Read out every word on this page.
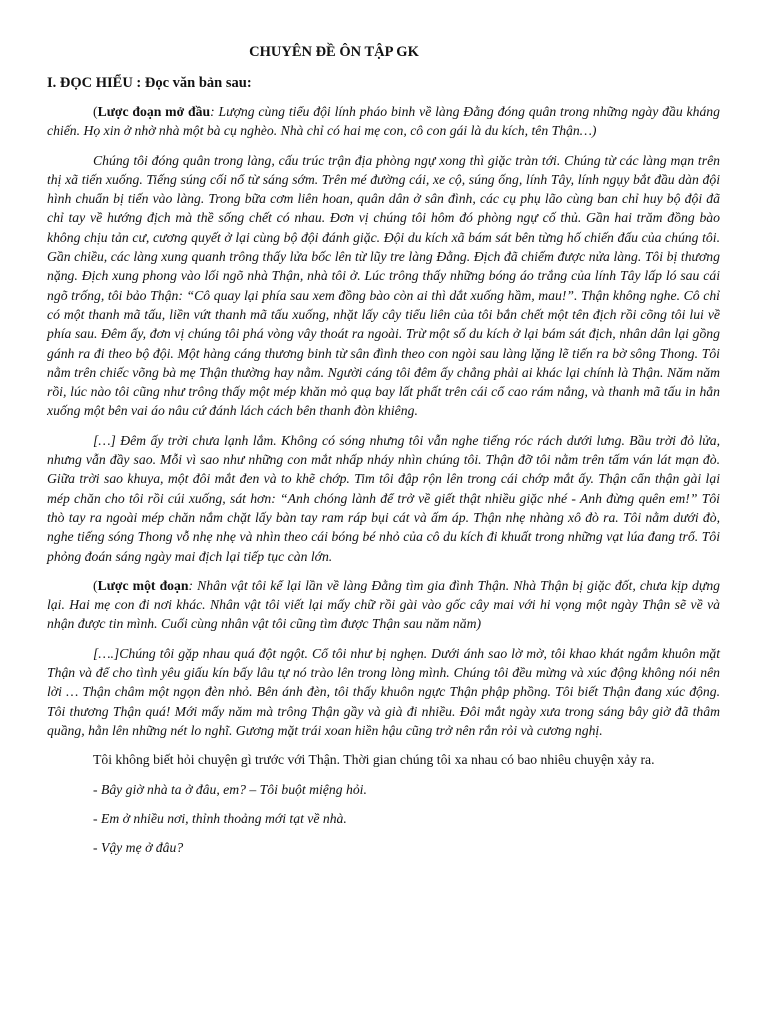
CHUYÊN ĐỀ ÔN TẬP GK
I. ĐỌC HIỂU : Đọc văn bản sau:

(Lược đoạn mở đầu: Lượng cùng tiểu đội lính pháo binh về làng Đằng đóng quân trong những ngày đầu kháng chiến. Họ xin ở nhờ nhà một bà cụ nghèo. Nhà chỉ có hai mẹ con, cô con gái là du kích, tên Thận…)

Chúng tôi đóng quân trong làng, cấu trúc trận địa phòng ngự xong thì giặc tràn tới. Chúng từ các làng mạn trên thị xã tiến xuống. Tiếng súng cối nổ từ sáng sớm. Trên mé đường cái, xe cộ, súng ống, lính Tây, lính ngụy bắt đầu dàn đội hình chuẩn bị tiến vào làng. Trong bữa cơm liên hoan, quân dân ở sân đình, các cụ phụ lão cùng ban chỉ huy bộ đội đã chỉ tay về hướng địch mà thề sống chết có nhau. Đơn vị chúng tôi hôm đó phòng ngự cố thủ. Gần hai trăm đồng bào không chịu tản cư, cương quyết ở lại cùng bộ đội đánh giặc. Đội du kích xã bám sát bên từng hố chiến đấu của chúng tôi. Gần chiều, các làng xung quanh trông thấy lửa bốc lên từ lũy tre làng Đằng. Địch đã chiếm được nửa làng. Tôi bị thương nặng. Địch xung phong vào lối ngõ nhà Thận, nhà tôi ở. Lúc trông thấy những bóng áo trắng của lính Tây lấp ló sau cái ngõ trống, tôi bảo Thận: “Cô quay lại phía sau xem đồng bào còn ai thì dắt xuống hầm, mau!”. Thận không nghe. Cô chỉ có một thanh mã tấu, liền vứt thanh mã tấu xuống, nhặt lấy cây tiểu liên của tôi bắn chết một tên địch rồi cõng tôi lui về phía sau. Đêm ấy, đơn vị chúng tôi phá vòng vây thoát ra ngoài. Trừ một số du kích ở lại bám sát địch, nhân dân lại gồng gánh ra đi theo bộ đội. Một hàng cáng thương binh từ sân đình theo con ngòi sau làng lặng lẽ tiến ra bờ sông Thong. Tôi nằm trên chiếc võng bà mẹ Thận thường hay nằm. Người cáng tôi đêm ấy chẳng phải ai khác lại chính là Thận. Năm năm rồi, lúc nào tôi cũng như trông thấy một mép khăn mỏ quạ bay lất phất trên cái cổ cao rám nắng, và thanh mã tấu in hẳn xuống một bên vai áo nâu cứ đánh lách cách bên thanh đòn khiêng.

[…] Đêm ấy trời chưa lạnh lắm. Không có sóng nhưng tôi vẫn nghe tiếng róc rách dưới lưng. Bầu trời đỏ lửa, nhưng vẫn đầy sao. Mỗi vì sao như những con mắt nhấp nháy nhìn chúng tôi. Thận đỡ tôi nằm trên tấm ván lát mạn đò. Giữa trời sao khuya, một đôi mắt đen và to khẽ chớp. Tim tôi đập rộn lên trong cái chớp mắt ấy. Thận cẩn thận gài lại mép chăn cho tôi rồi cúi xuống, sát hơn: “Anh chóng lành để trở về giết thật nhiều giặc nhé - Anh đừng quên em!” Tôi thò tay ra ngoài mép chăn nắm chặt lấy bàn tay ram ráp bụi cát và ấm áp. Thận nhẹ nhàng xô đò ra. Tôi nằm dưới đò, nghe tiếng sóng Thong vỗ nhẹ nhẹ và nhìn theo cái bóng bé nhỏ của cô du kích đi khuất trong những vạt lúa đang trổ. Tôi phỏng đoán sáng ngày mai địch lại tiếp tục càn lớn.

(Lược một đoạn: Nhân vật tôi kể lại lần về làng Đằng tìm gia đình Thận. Nhà Thận bị giặc đốt, chưa kịp dựng lại. Hai mẹ con đi nơi khác. Nhân vật tôi viết lại mấy chữ rồi gài vào gốc cây mai với hi vọng một ngày Thận sẽ về và nhận được tin mình. Cuối cùng nhân vật tôi cũng tìm được Thận sau năm năm)

[….]Chúng tôi gặp nhau quá đột ngột. Cổ tôi như bị nghẹn. Dưới ánh sao lờ mờ, tôi khao khát ngắm khuôn mặt Thận và để cho tình yêu giấu kín bấy lâu tự nó trào lên trong lòng mình. Chúng tôi đều mừng và xúc động không nói nên lời … Thận châm một ngọn đèn nhỏ. Bên ánh đèn, tôi thấy khuôn ngực Thận phập phồng. Tôi biết Thận đang xúc động. Tôi thương Thận quá! Mới mấy năm mà trông Thận gầy và già đi nhiều. Đôi mắt ngày xưa trong sáng bây giờ đã thâm quầng, hằn lên những nét lo nghĩ. Gương mặt trái xoan hiền hậu cũng trở nên rắn rỏi và cương nghị.

Tôi không biết hỏi chuyện gì trước với Thận. Thời gian chúng tôi xa nhau có bao nhiêu chuyện xảy ra.

- Bây giờ nhà ta ở đâu, em? – Tôi buột miệng hỏi.

- Em ở nhiều nơi, thỉnh thoảng mới tạt về nhà.

- Vậy mẹ ở đâu?
